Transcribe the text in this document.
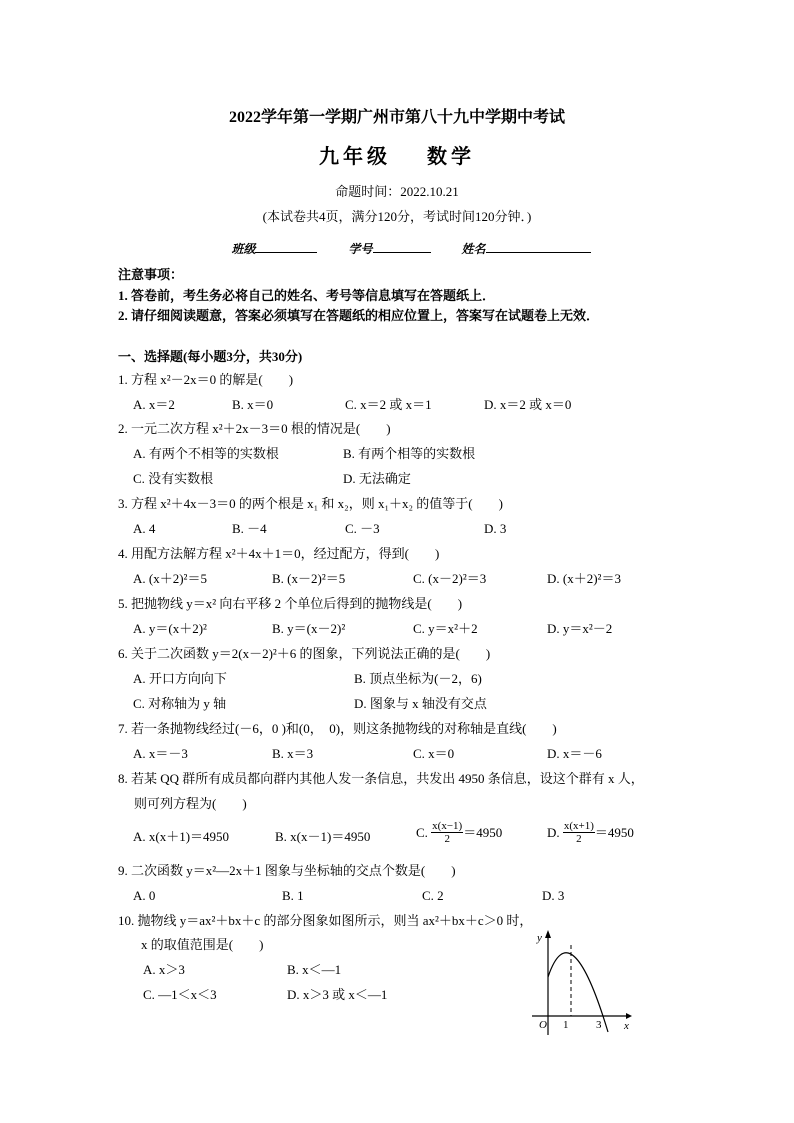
2022学年第一学期广州市第八十九中学期中考试
九年级    数学
命题时间：2022.10.21
(本试卷共4页，满分120分，考试时间120分钟．)
班级	学号	姓名
注意事项：
1. 答卷前，考生务必将自己的姓名、考号等信息填写在答题纸上．
2. 请仔细阅读题意，答案必须填写在答题纸的相应位置上，答案写在试题卷上无效．
一、选择题(每小题3分，共30分)
1. 方程 x²－2x＝0 的解是(　　)
A. x＝2	B. x＝0	C. x＝2 或 x＝1	D. x＝2 或 x＝0
2. 一元二次方程 x²＋2x－3＝0 根的情况是(　　)
A. 有两个不相等的实数根	B. 有两个相等的实数根
C. 没有实数根	D. 无法确定
3. 方程 x²＋4x－3＝0 的两个根是 x₁ 和 x₂，则 x₁＋x₂ 的值等于(　　)
A. 4	B. －4	C. －3	D. 3
4. 用配方法解方程 x²＋4x＋1＝0，经过配方，得到(　　)
A. (x＋2)²＝5	B. (x－2)²＝5	C. (x－2)²＝3	D. (x＋2)²＝3
5. 把抛物线 y＝x² 向右平移 2 个单位后得到的抛物线是(　　)
A. y＝(x＋2)²	B. y＝(x－2)²	C. y＝x²＋2	D. y＝x²－2
6. 关于二次函数 y＝2(x－2)²＋6 的图象，下列说法正确的是(　　)
A. 开口方向向下	B. 顶点坐标为(－2，6)
C. 对称轴为 y 轴	D. 图象与 x 轴没有交点
7. 若一条抛物线经过(－6，0 )和(0，　0)，则这条抛物线的对称轴是直线(　　)
A. x＝－3	B. x＝3	C. x＝0	D. x＝－6
8. 若某 QQ 群所有成员都向群内其他人发一条信息，共发出 4950 条信息，设这个群有 x 人，
则可列方程为(　　)
A. x(x＋1)＝4950	B. x(x－1)＝4950	C. $\frac{x(x-1)}{2} =4950$	D. $\frac{x(x+1)}{2} =4950$
9. 二次函数 y＝x²—2x＋1 图象与坐标轴的交点个数是(　　)
A. 0	B. 1	C. 2	D. 3
10. 抛物线 y＝ax²＋bx＋c 的部分图象如图所示，则当 ax²＋bx＋c＞0 时，
x 的取值范围是(　　)
A. x＞3	B. x＜—1
C. —1＜x＜3	D. x＞3 或 x＜—1
y
x
O 1	3
